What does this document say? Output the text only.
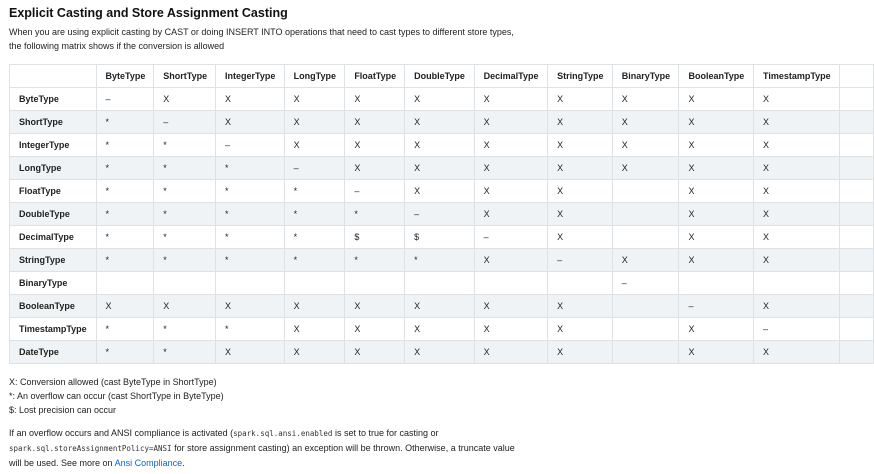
Explicit Casting and Store Assignment Casting

When you are using explicit casting by CAST or doing INSERT INTO operations that need to cast types to different store types, the following matrix shows if the conversion is allowed

	ByteType	ShortType	IntegerType	LongType	FloatType	DoubleType	DecimalType	StringType	BinaryType	BooleanType	TimestampType	
ByteType	–	X	X	X	X	X	X	X	X	X	X	
ShortType	*	–	X	X	X	X	X	X	X	X	X	
IntegerType	*	*	–	X	X	X	X	X	X	X	X	
LongType	*	*	*	–	X	X	X	X	X	X	X	
FloatType	*	*	*	*	–	X	X	X		X	X	
DoubleType	*	*	*	*	*	–	X	X		X	X	
DecimalType	*	*	*	*	$	$	–	X		X	X	
StringType	*	*	*	*	*	*	X	–	X	X	X	
BinaryType									–			
BooleanType	X	X	X	X	X	X	X	X		–	X	
TimestampType	*	*	*	X	X	X	X	X		X	–	
DateType	*	*	X	X	X	X	X	X		X	X	
X: Conversion allowed (cast ByteType in ShortType)
*: An overflow can occur (cast ShortType in ByteType)
$: Lost precision can occur

If an overflow occurs and ANSI compliance is activated (spark.sql.ansi.enabled is set to true for casting or
spark.sql.storeAssignmentPolicy=ANSI for store assignment casting) an exception will be thrown. Otherwise, a truncate value will be used. See more on Ansi Compliance.
